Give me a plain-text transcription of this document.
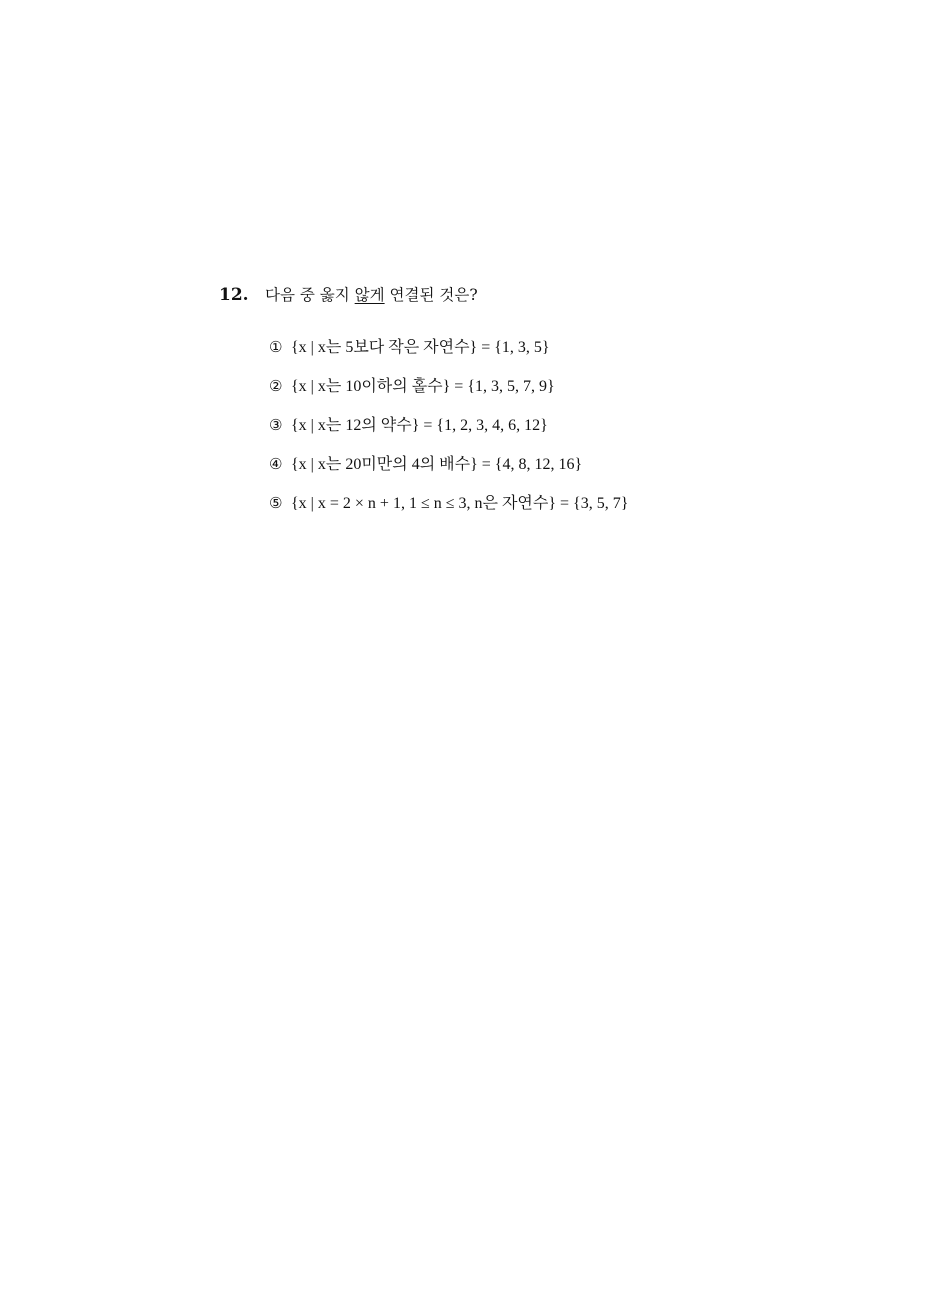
12.	다음 중 옳지 않게 연결된 것은?
① {x | x는 5보다 작은 자연수} = {1, 3, 5}
② {x | x는 10이하의 홀수} = {1, 3, 5, 7, 9}
③ {x | x는 12의 약수} = {1, 2, 3, 4, 6, 12}
④ {x | x는 20미만의 4의 배수} = {4, 8, 12, 16}
⑤ {x | x = 2 × n + 1, 1 ≤ n ≤ 3, n은 자연수} = {3, 5, 7}
